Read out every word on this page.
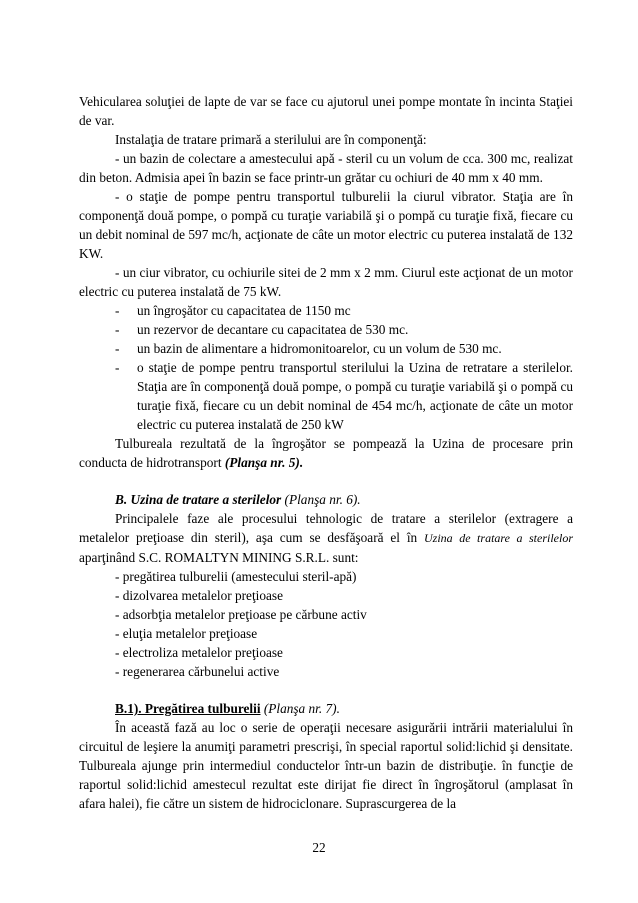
Vehicularea soluţiei de lapte de var se face cu ajutorul unei pompe montate în incinta Staţiei de var.

Instalaţia de tratare primară a sterilului are în componenţă:

- un bazin de colectare a amestecului apă - steril cu un volum de cca. 300 mc, realizat din beton. Admisia apei în bazin se face printr-un grătar cu ochiuri de 40 mm x 40 mm.

- o staţie de pompe pentru transportul tulburelii la ciurul vibrator. Staţia are în componenţă două pompe, o pompă cu turaţie variabilă şi o pompă cu turaţie fixă, fiecare cu un debit nominal de 597 mc/h, acţionate de câte un motor electric cu puterea instalată de 132 KW.

- un ciur vibrator, cu ochiurile sitei de 2 mm x 2 mm. Ciurul este acţionat de un motor electric cu puterea instalată de 75 kW.

-	un îngroşător cu capacitatea de 1150 mc
-	un rezervor de decantare cu capacitatea de 530 mc.
-	un bazin de alimentare a hidromonitoarelor, cu un volum de 530 mc.
-	o staţie de pompe pentru transportul sterilului la Uzina de retratare a sterilelor. Staţia are în componenţă două pompe, o pompă cu turaţie variabilă şi o pompă cu turaţie fixă, fiecare cu un debit nominal de 454 mc/h, acţionate de câte un motor electric cu puterea instalată de 250 kW

Tulbureala rezultată de la îngroşător se pompează la Uzina de procesare prin conducta de hidrotransport (Planşa nr. 5).

B. Uzina de tratare a sterilelor (Planşa nr. 6).

Principalele faze ale procesului tehnologic de tratare a sterilelor (extragere a metalelor preţioase din steril), aşa cum se desfăşoară el în Uzina de tratare a sterilelor aparţinând S.C. ROMALTYN MINING S.R.L. sunt:

- pregătirea tulburelii (amestecului steril-apă)

- dizolvarea metalelor preţioase

- adsorbţia metalelor preţioase pe cărbune activ

- eluţia metalelor preţioase

- electroliza metalelor preţioase

- regenerarea cărbunelui active

B.1). Pregătirea tulburelii (Planşa nr. 7).

În această fază au loc o serie de operaţii necesare asigurării intrării materialului în circuitul de leşiere la anumiţi parametri prescrişi, în special raportul solid:lichid şi densitate. Tulbureala ajunge prin intermediul conductelor într-un bazin de distribuţie. în funcţie de raportul solid:lichid amestecul rezultat este dirijat fie direct în îngroşătorul (amplasat în afara halei), fie către un sistem de hidrociclonare. Suprascurgerea de la

22
